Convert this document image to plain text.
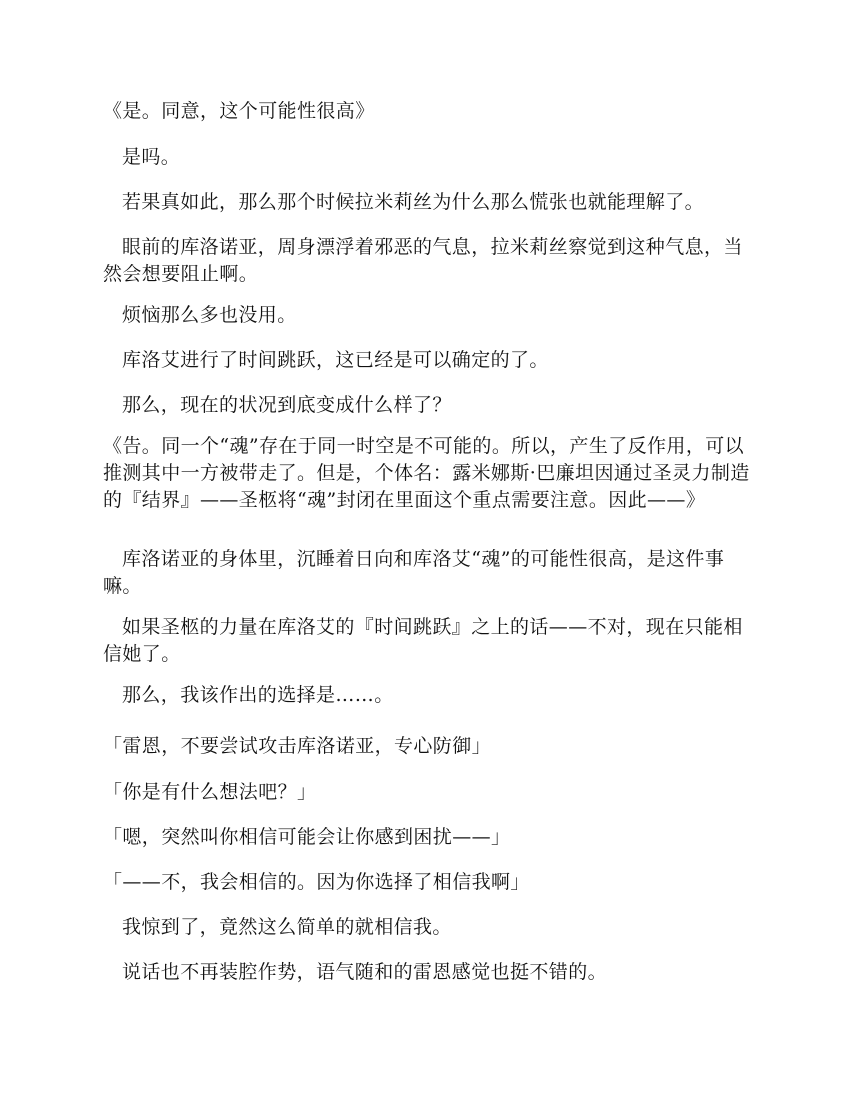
《是。同意，这个可能性很高》

是吗。

若果真如此，那么那个时候拉米莉丝为什么那么慌张也就能理解了。

眼前的库洛诺亚，周身漂浮着邪恶的气息，拉米莉丝察觉到这种气息，当然会想要阻止啊。

烦恼那么多也没用。

库洛艾进行了时间跳跃，这已经是可以确定的了。

那么，现在的状况到底变成什么样了？

《告。同一个“魂”存在于同一时空是不可能的。所以，产生了反作用，可以推测其中一方被带走了。但是，个体名：露米娜斯·巴廉坦因通过圣灵力制造的『结界』——圣柩将“魂”封闭在里面这个重点需要注意。因此——》

库洛诺亚的身体里，沉睡着日向和库洛艾“魂”的可能性很高，是这件事嘛。

如果圣柩的力量在库洛艾的『时间跳跃』之上的话——不对，现在只能相信她了。

那么，我该作出的选择是……。

「雷恩，不要尝试攻击库洛诺亚，专心防御」

「你是有什么想法吧？」

「嗯，突然叫你相信可能会让你感到困扰——」

「——不，我会相信的。因为你选择了相信我啊」

我惊到了，竟然这么简单的就相信我。

说话也不再装腔作势，语气随和的雷恩感觉也挺不错的。
